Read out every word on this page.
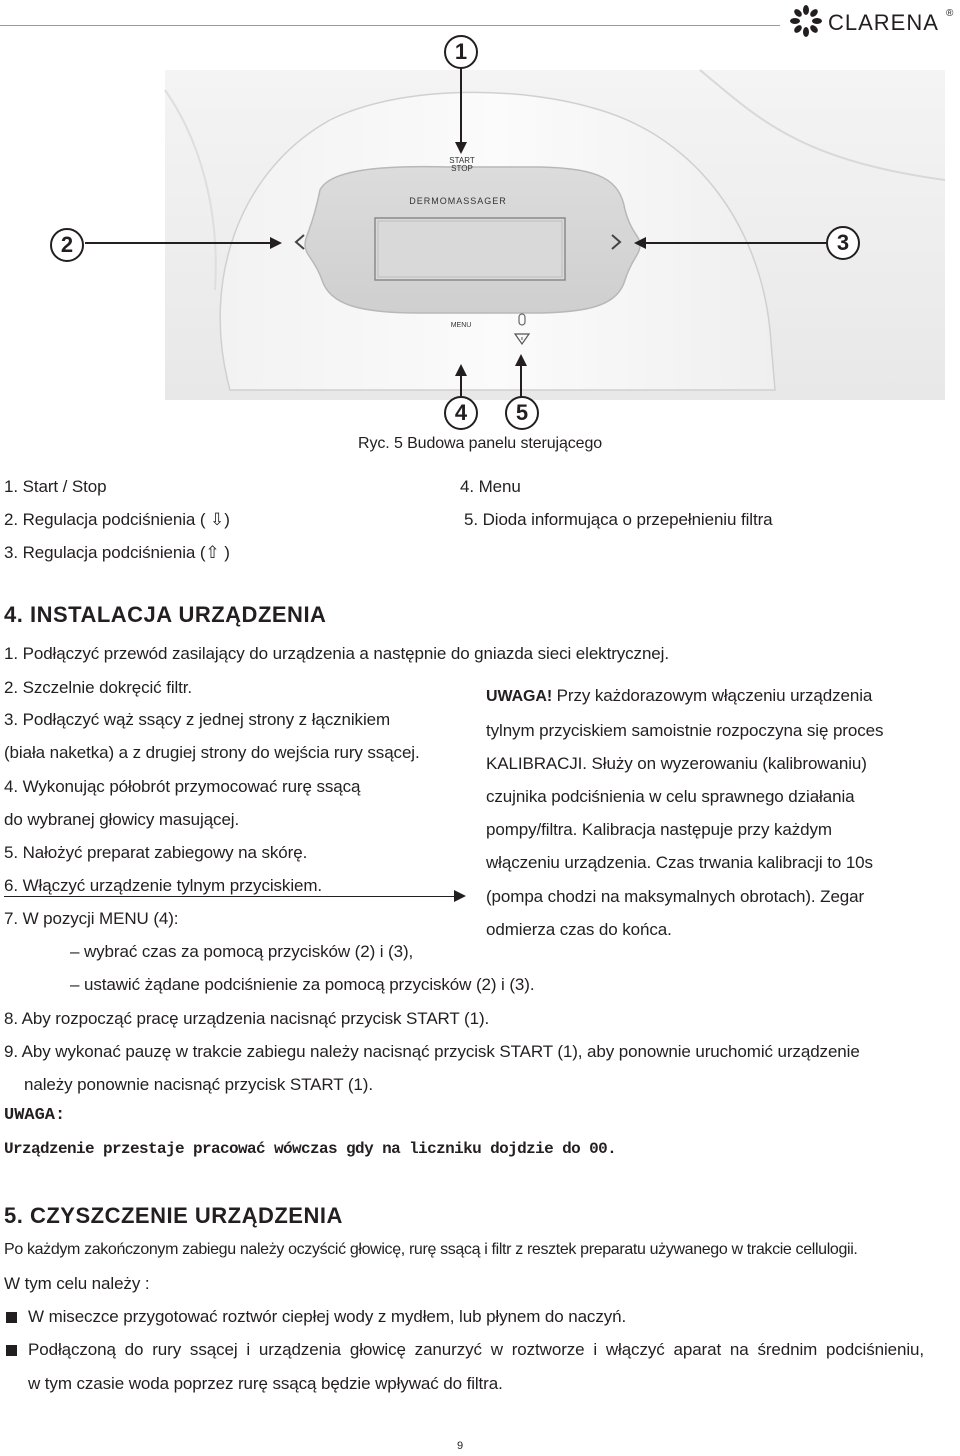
CLARENA ®
START
STOP
DERMOMASSAGER
MENU
1
2	3
4	5
Ryc. 5 Budowa panelu sterującego
1. Start / Stop
2. Regulacja podciśnienia ( ⇩)
3. Regulacja podciśnienia (⇧ )
4. Menu
5. Dioda informująca o przepełnieniu filtra
4. INSTALACJA URZĄDZENIA
1. Podłączyć przewód zasilający do urządzenia a następnie do gniazda sieci elektrycznej.
2. Szczelnie dokręcić filtr.
3. Podłączyć wąż ssący z jednej strony z łącznikiem
(biała naketka) a z drugiej strony do wejścia rury ssącej.
4. Wykonując półobrót przymocować rurę ssącą
do wybranej głowicy masującej.
5. Nałożyć preparat zabiegowy na skórę.
6. Włączyć urządzenie tylnym przyciskiem.
7. W pozycji MENU (4):
– wybrać czas za pomocą przycisków (2) i (3),
– ustawić żądane podciśnienie za pomocą przycisków (2) i (3).
8. Aby rozpocząć pracę urządzenia nacisnąć przycisk START (1).
9. Aby wykonać pauzę w trakcie zabiegu należy nacisnąć przycisk START (1), aby ponownie uruchomić urządzenie
należy ponownie nacisnąć przycisk START (1).
UWAGA! Przy każdorazowym włączeniu urządzenia
tylnym przyciskiem samoistnie rozpoczyna się proces
KALIBRACJI. Służy on wyzerowaniu (kalibrowaniu)
czujnika podciśnienia w celu sprawnego działania
pompy/filtra. Kalibracja następuje przy każdym
włączeniu urządzenia. Czas trwania kalibracji to 10s
(pompa chodzi na maksymalnych obrotach). Zegar
odmierza czas do końca.
UWAGA:
Urządzenie przestaje pracować wówczas gdy na liczniku dojdzie do 00.
5. CZYSZCZENIE URZĄDZENIA
Po każdym zakończonym zabiegu należy oczyścić głowicę, rurę ssącą i filtr z resztek preparatu używanego w trakcie cellulogii.
W tym celu należy :
W miseczce przygotować roztwór ciepłej wody z mydłem, lub płynem do naczyń.
Podłączoną do rury ssącej i urządzenia głowicę zanurzyć w roztworze i włączyć aparat na średnim podciśnieniu,
w tym czasie woda poprzez rurę ssącą będzie wpływać do filtra.
9
